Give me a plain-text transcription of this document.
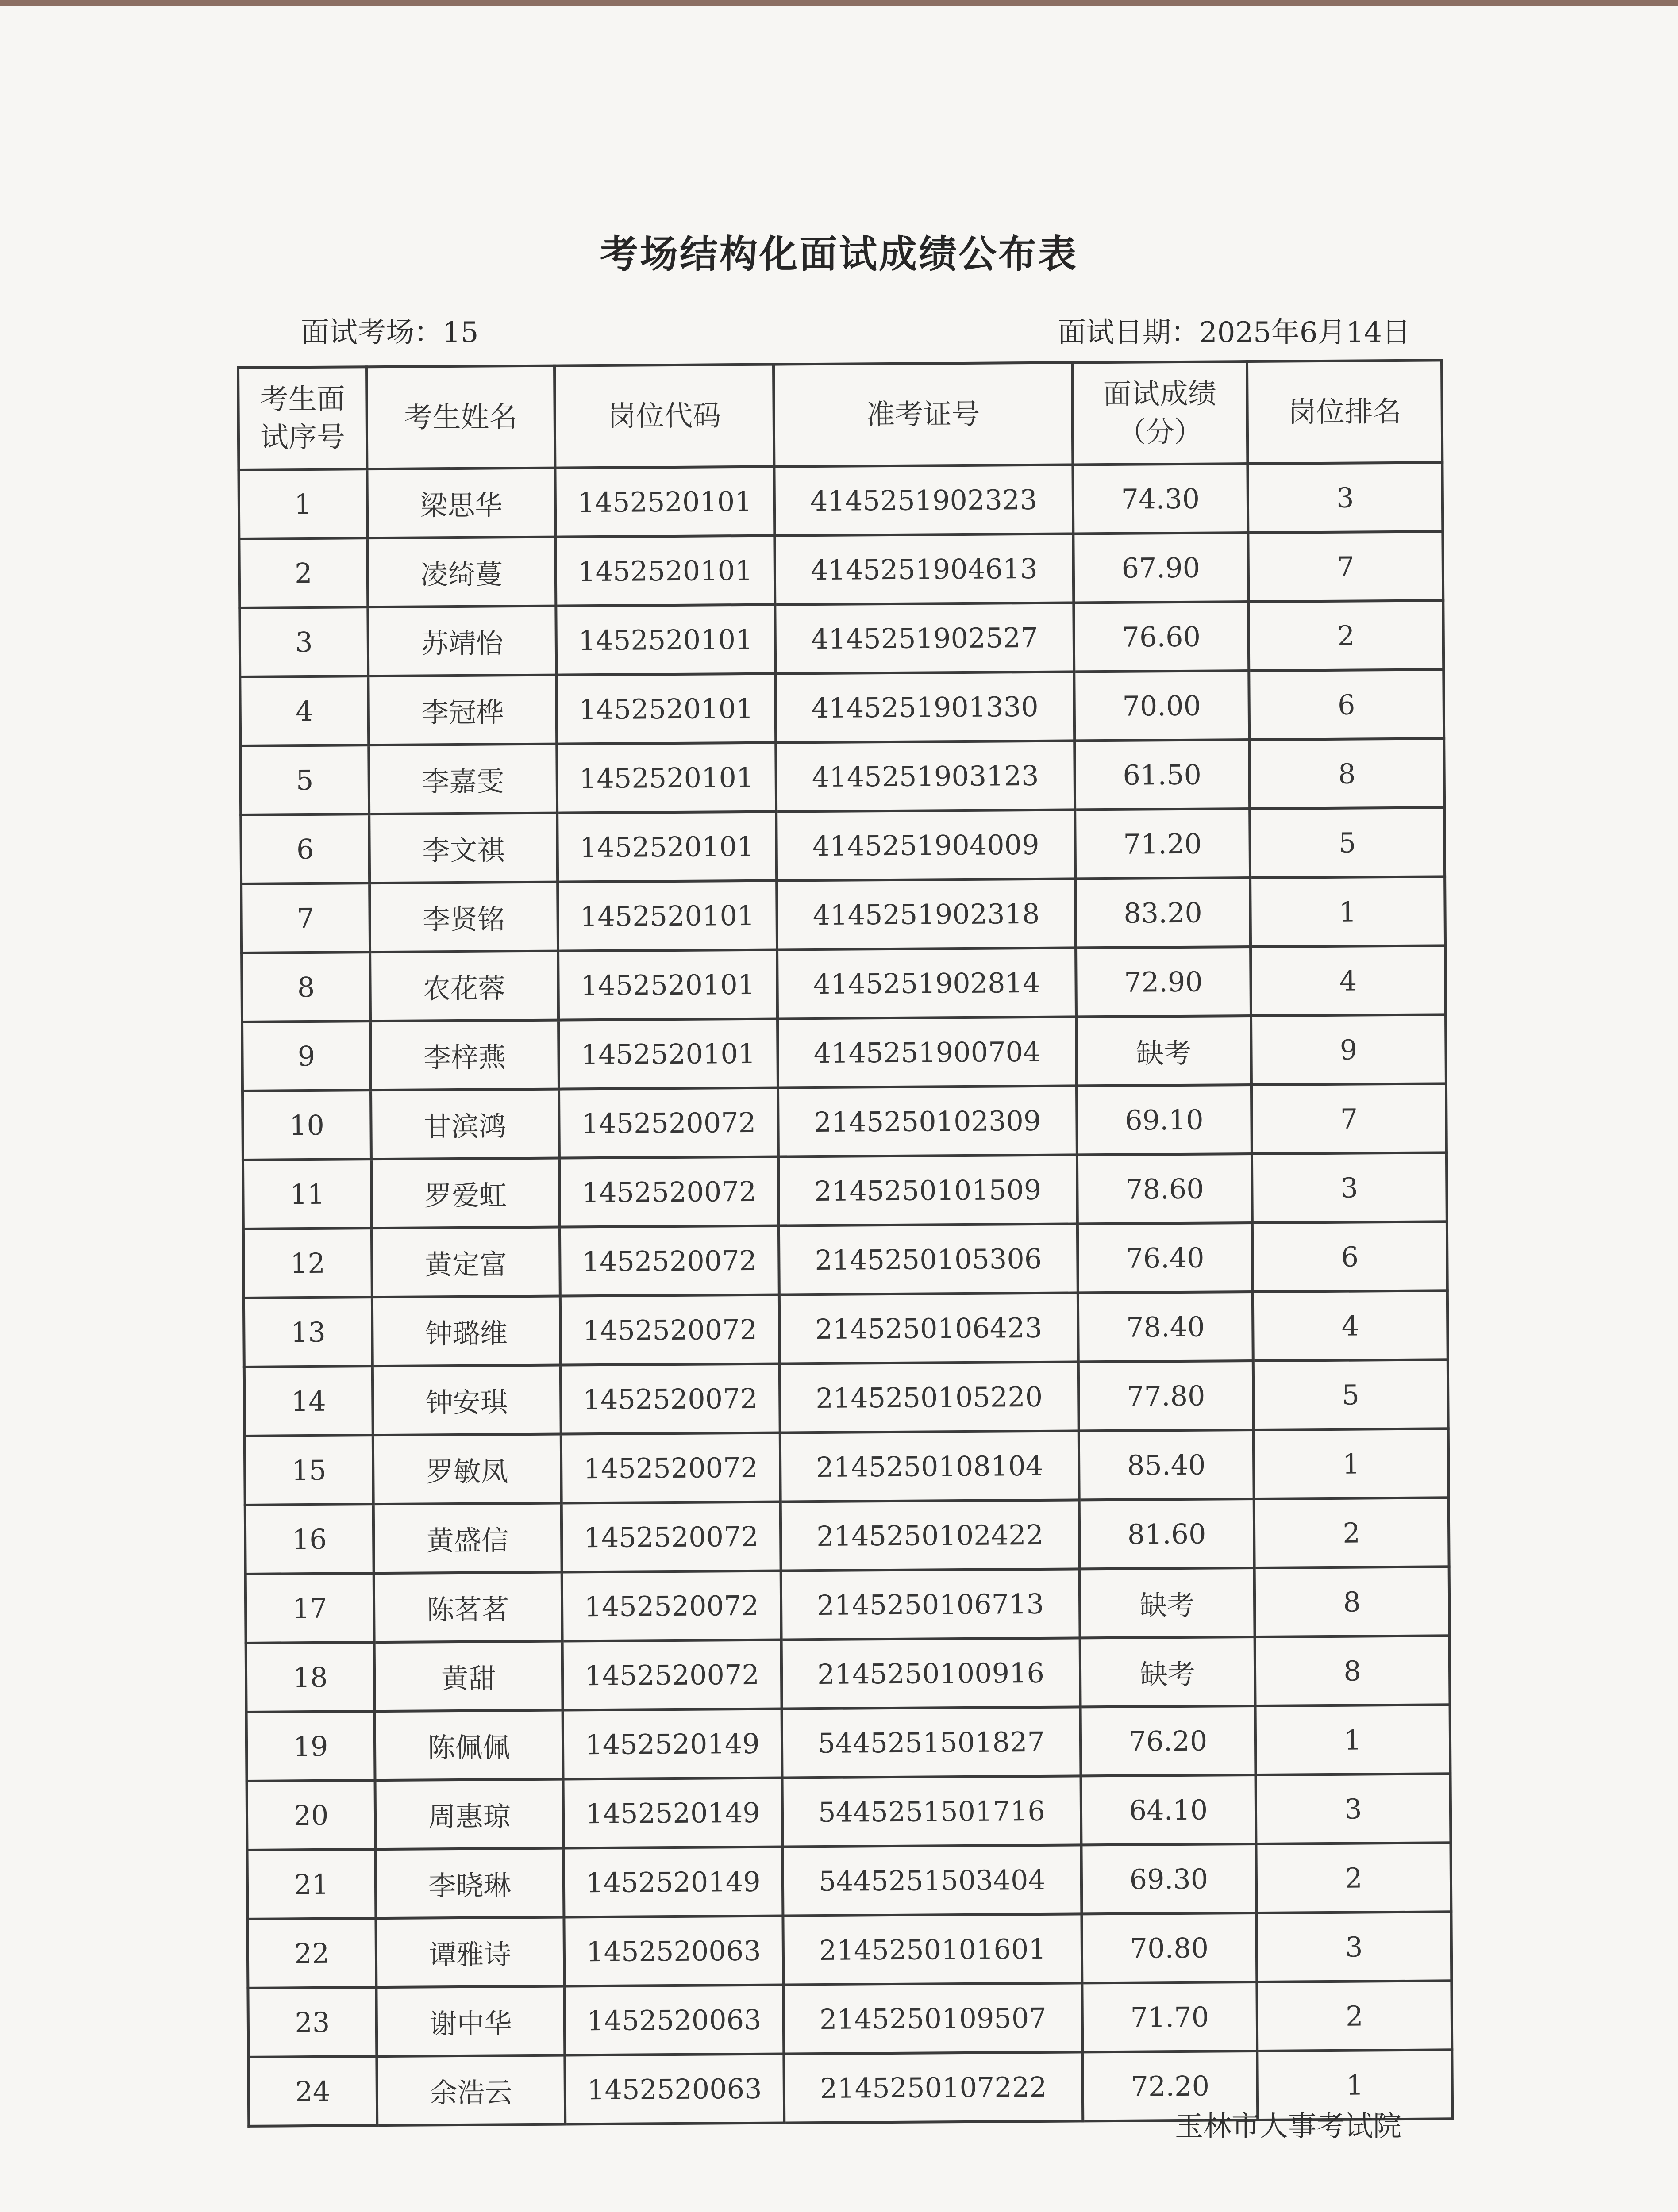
考场结构化面试成绩公布表
面试考场：15	面试日期：2025年6月14日
考生面试序号	考生姓名	岗位代码	准考证号	面试成绩（分）	岗位排名
1	梁思华	1452520101	4145251902323	74.30	3
2	凌绮蔓	1452520101	4145251904613	67.90	7
3	苏靖怡	1452520101	4145251902527	76.60	2
4	李冠桦	1452520101	4145251901330	70.00	6
5	李嘉雯	1452520101	4145251903123	61.50	8
6	李文祺	1452520101	4145251904009	71.20	5
7	李贤铭	1452520101	4145251902318	83.20	1
8	农花蓉	1452520101	4145251902814	72.90	4
9	李梓燕	1452520101	4145251900704	缺考	9
10	甘滨鸿	1452520072	2145250102309	69.10	7
11	罗爱虹	1452520072	2145250101509	78.60	3
12	黄定富	1452520072	2145250105306	76.40	6
13	钟璐维	1452520072	2145250106423	78.40	4
14	钟安琪	1452520072	2145250105220	77.80	5
15	罗敏凤	1452520072	2145250108104	85.40	1
16	黄盛信	1452520072	2145250102422	81.60	2
17	陈茗茗	1452520072	2145250106713	缺考	8
18	黄甜	1452520072	2145250100916	缺考	8
19	陈佩佩	1452520149	5445251501827	76.20	1
20	周惠琼	1452520149	5445251501716	64.10	3
21	李晓琳	1452520149	5445251503404	69.30	2
22	谭雅诗	1452520063	2145250101601	70.80	3
23	谢中华	1452520063	2145250109507	71.70	2
24	余浩云	1452520063	2145250107222	72.20	1
玉林市人事考试院
